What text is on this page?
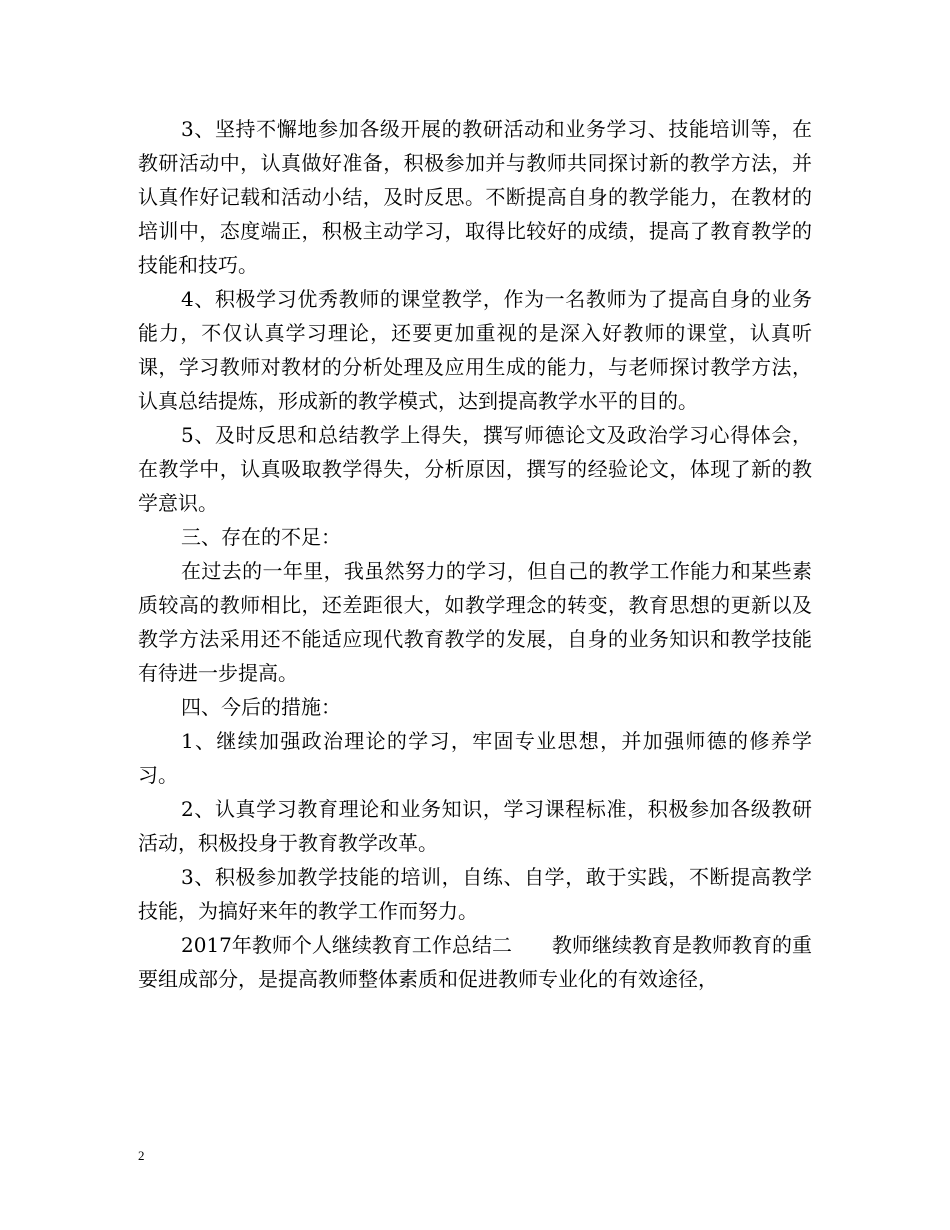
3、坚持不懈地参加各级开展的教研活动和业务学习、技能培训等，在教研活动中，认真做好准备，积极参加并与教师共同探讨新的教学方法，并认真作好记载和活动小结，及时反思。不断提高自身的教学能力，在教材的培训中，态度端正，积极主动学习，取得比较好的成绩，提高了教育教学的技能和技巧。

4、积极学习优秀教师的课堂教学，作为一名教师为了提高自身的业务能力，不仅认真学习理论，还要更加重视的是深入好教师的课堂，认真听课，学习教师对教材的分析处理及应用生成的能力，与老师探讨教学方法，认真总结提炼，形成新的教学模式，达到提高教学水平的目的。

5、及时反思和总结教学上得失，撰写师德论文及政治学习心得体会，在教学中，认真吸取教学得失，分析原因，撰写的经验论文，体现了新的教学意识。

三、存在的不足：

在过去的一年里，我虽然努力的学习，但自己的教学工作能力和某些素质较高的教师相比，还差距很大，如教学理念的转变，教育思想的更新以及教学方法采用还不能适应现代教育教学的发展，自身的业务知识和教学技能有待进一步提高。

四、今后的措施：

1、继续加强政治理论的学习，牢固专业思想，并加强师德的修养学习。

2、认真学习教育理论和业务知识，学习课程标准，积极参加各级教研活动，积极投身于教育教学改革。

3、积极参加教学技能的培训，自练、自学，敢于实践，不断提高教学技能，为搞好来年的教学工作而努力。

2017年教师个人继续教育工作总结二　　教师继续教育是教师教育的重要组成部分，是提高教师整体素质和促进教师专业化的有效途径，

2
